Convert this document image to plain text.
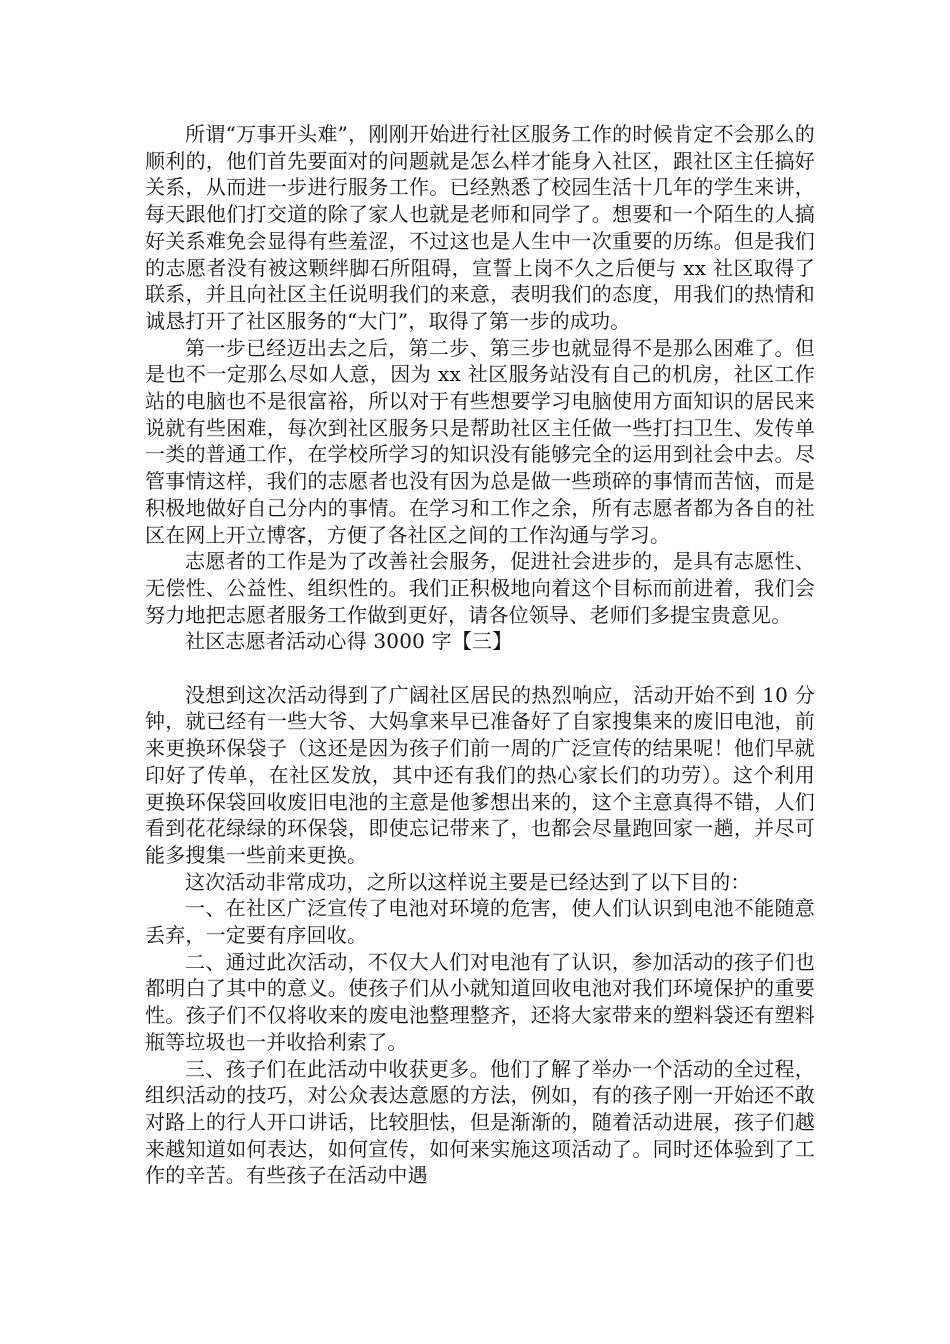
所谓“万事开头难”，刚刚开始进行社区服务工作的时候肯定不会那么的顺利的，他们首先要面对的问题就是怎么样才能身入社区，跟社区主任搞好关系，从而进一步进行服务工作。已经熟悉了校园生活十几年的学生来讲，每天跟他们打交道的除了家人也就是老师和同学了。想要和一个陌生的人搞好关系难免会显得有些羞涩，不过这也是人生中一次重要的历练。但是我们的志愿者没有被这颗绊脚石所阻碍，宣誓上岗不久之后便与 xx 社区取得了联系，并且向社区主任说明我们的来意，表明我们的态度，用我们的热情和诚恳打开了社区服务的“大门”，取得了第一步的成功。

第一步已经迈出去之后，第二步、第三步也就显得不是那么困难了。但是也不一定那么尽如人意，因为 xx 社区服务站没有自己的机房，社区工作站的电脑也不是很富裕，所以对于有些想要学习电脑使用方面知识的居民来说就有些困难，每次到社区服务只是帮助社区主任做一些打扫卫生、发传单一类的普通工作，在学校所学习的知识没有能够完全的运用到社会中去。尽管事情这样，我们的志愿者也没有因为总是做一些琐碎的事情而苦恼，而是积极地做好自己分内的事情。在学习和工作之余，所有志愿者都为各自的社区在网上开立博客，方便了各社区之间的工作沟通与学习。

志愿者的工作是为了改善社会服务，促进社会进步的，是具有志愿性、无偿性、公益性、组织性的。我们正积极地向着这个目标而前进着，我们会努力地把志愿者服务工作做到更好，请各位领导、老师们多提宝贵意见。

社区志愿者活动心得 3000 字【三】

没想到这次活动得到了广阔社区居民的热烈响应，活动开始不到 10 分钟，就已经有一些大爷、大妈拿来早已准备好了自家搜集来的废旧电池，前来更换环保袋子（这还是因为孩子们前一周的广泛宣传的结果呢！他们早就印好了传单，在社区发放，其中还有我们的热心家长们的功劳）。这个利用更换环保袋回收废旧电池的主意是他爹想出来的，这个主意真得不错，人们看到花花绿绿的环保袋，即使忘记带来了，也都会尽量跑回家一趟，并尽可能多搜集一些前来更换。

这次活动非常成功，之所以这样说主要是已经达到了以下目的：

一、在社区广泛宣传了电池对环境的危害，使人们认识到电池不能随意丢弃，一定要有序回收。

二、通过此次活动，不仅大人们对电池有了认识，参加活动的孩子们也都明白了其中的意义。使孩子们从小就知道回收电池对我们环境保护的重要性。孩子们不仅将收来的废电池整理整齐，还将大家带来的塑料袋还有塑料瓶等垃圾也一并收拾利索了。

三、孩子们在此活动中收获更多。他们了解了举办一个活动的全过程，组织活动的技巧，对公众表达意愿的方法，例如，有的孩子刚一开始还不敢对路上的行人开口讲话，比较胆怯，但是渐渐的，随着活动进展，孩子们越来越知道如何表达，如何宣传，如何来实施这项活动了。同时还体验到了工作的辛苦。有些孩子在活动中遇
